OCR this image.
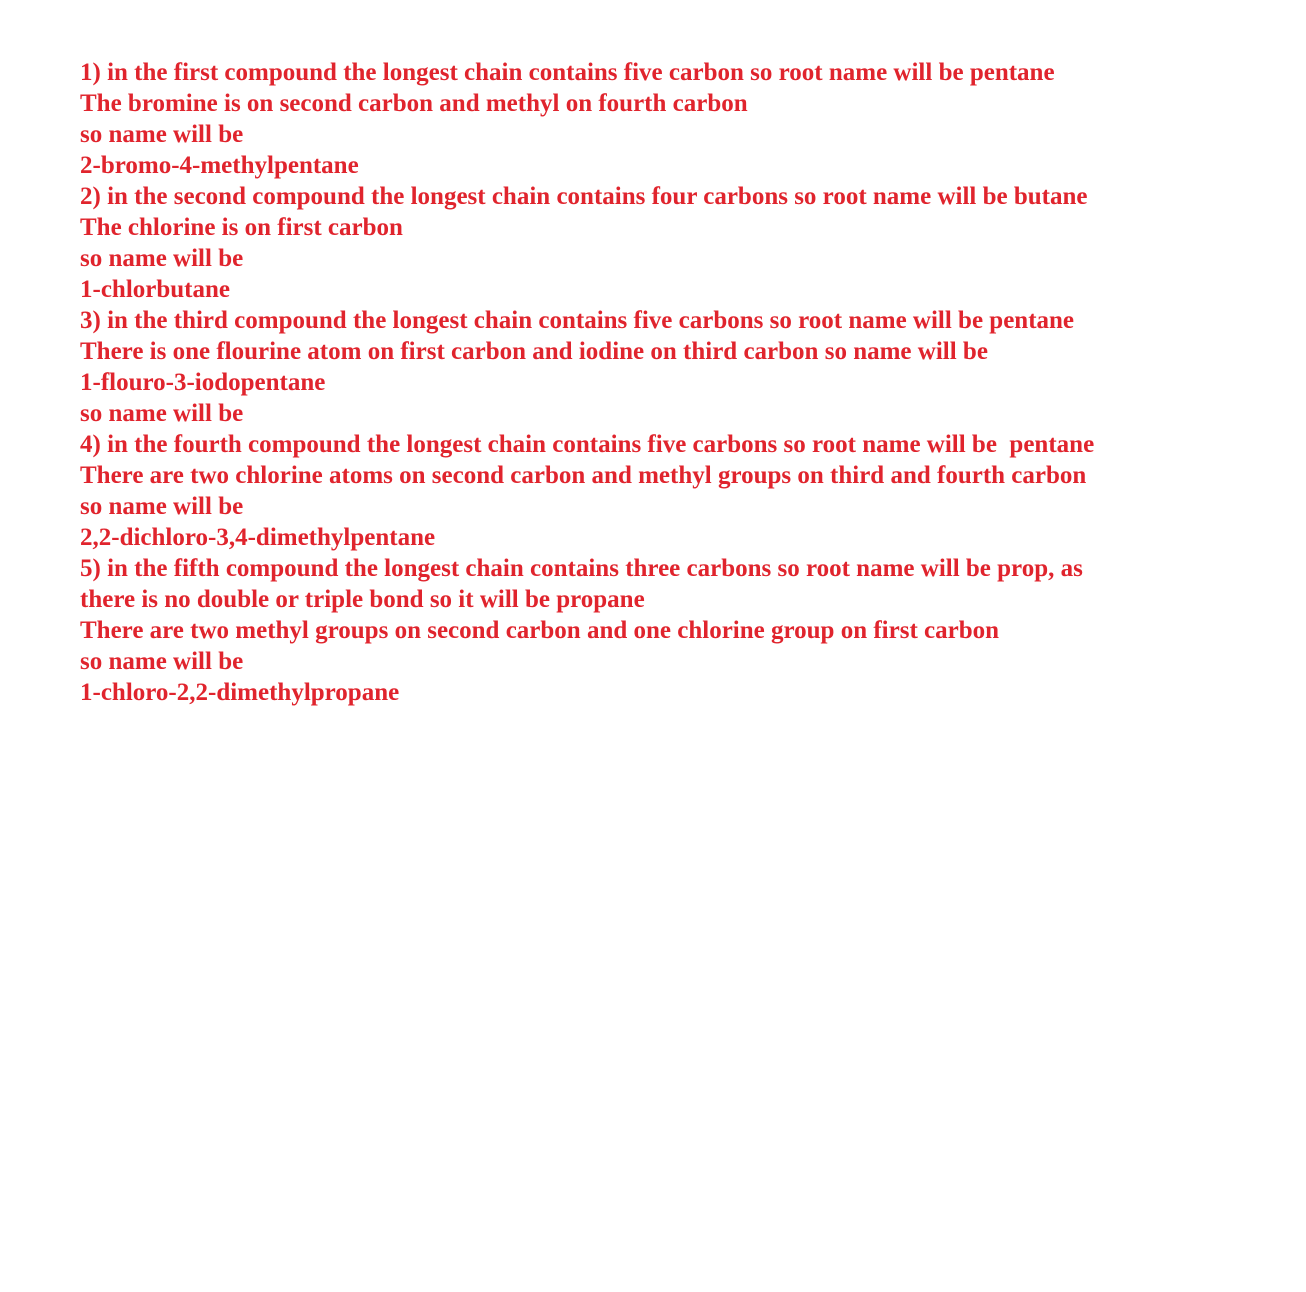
1) in the first compound the longest chain contains five carbon so root name will be pentane

The bromine is on second carbon and methyl on fourth carbon

so name will be

2-bromo-4-methylpentane

2) in the second compound the longest chain contains four carbons so root name will be butane

The chlorine is on first carbon

so name will be

1-chlorbutane

3) in the third compound the longest chain contains five carbons so root name will be pentane

There is one flourine atom on first carbon and iodine on third carbon so name will be

1-flouro-3-iodopentane

so name will be

4) in the fourth compound the longest chain contains five carbons so root name will be  pentane

There are two chlorine atoms on second carbon and methyl groups on third and fourth carbon

so name will be

2,2-dichloro-3,4-dimethylpentane

5) in the fifth compound the longest chain contains three carbons so root name will be prop, as

there is no double or triple bond so it will be propane

There are two methyl groups on second carbon and one chlorine group on first carbon

so name will be

1-chloro-2,2-dimethylpropane
